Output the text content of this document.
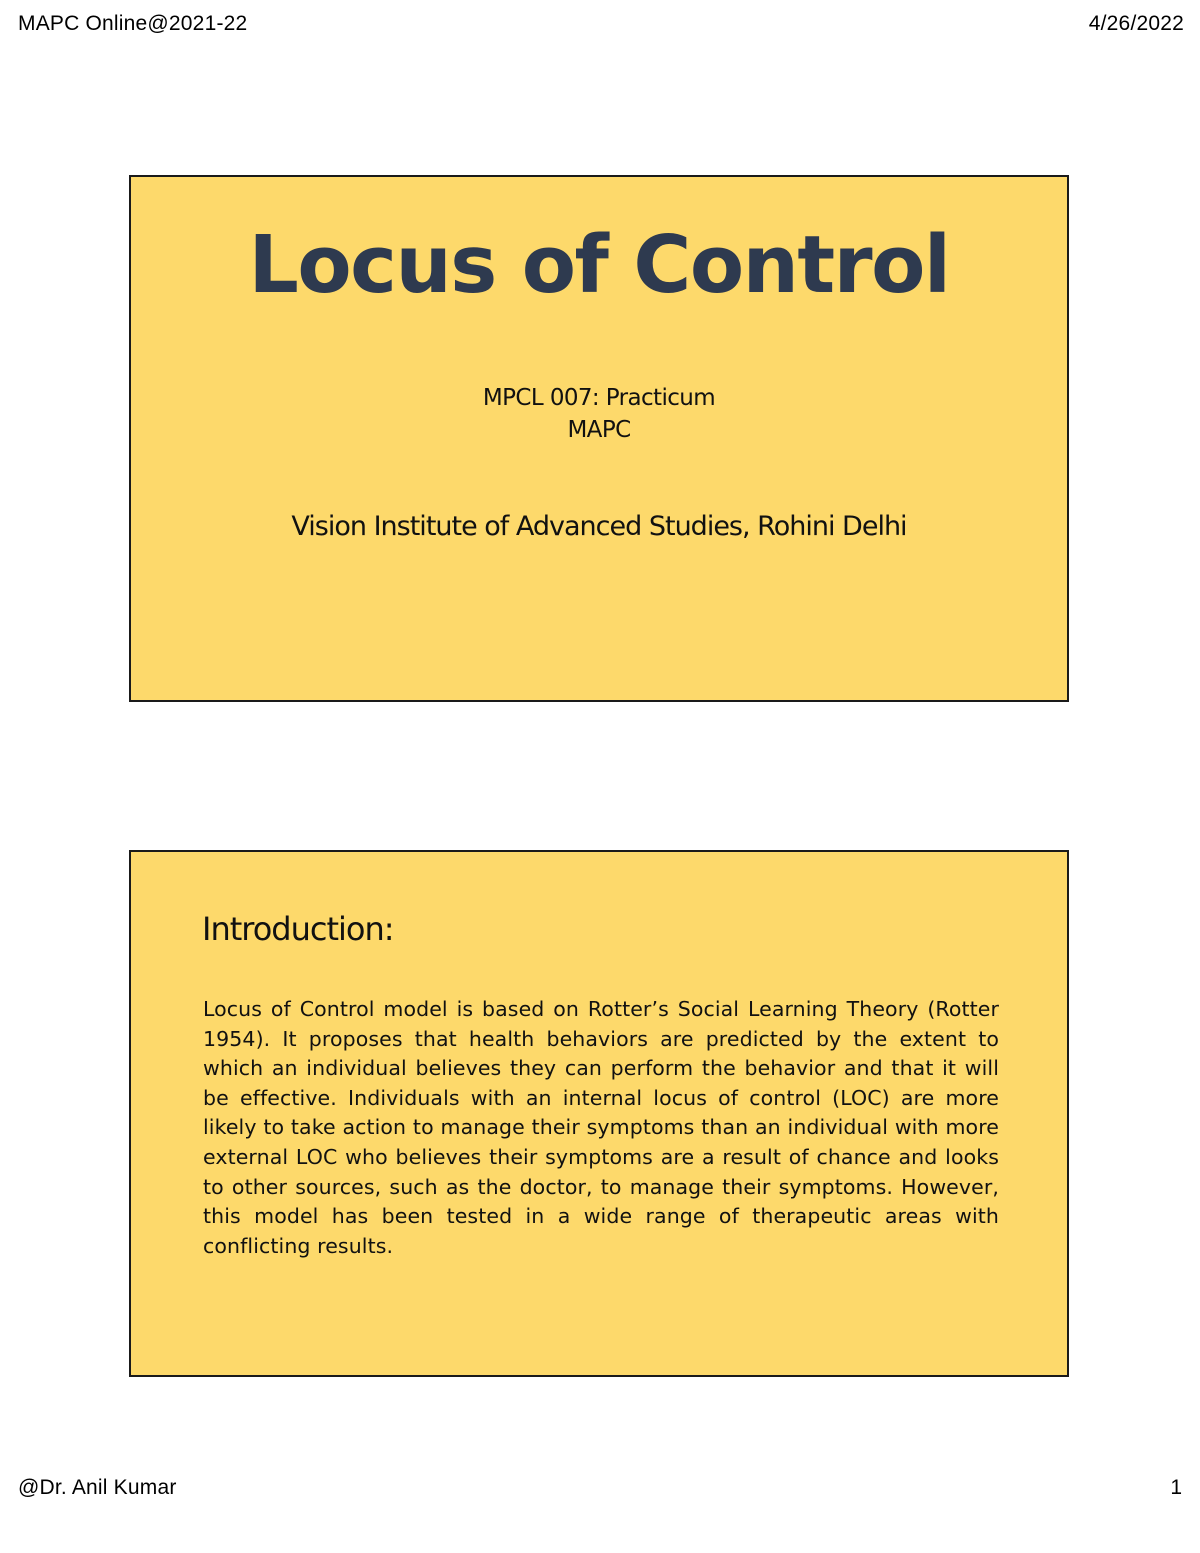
MAPC Online@2021-22	4/26/2022
Locus of Control
MPCL 007: Practicum
MAPC
Vision Institute of Advanced Studies, Rohini Delhi
Introduction:

Locus of Control model is based on Rotter’s Social Learning Theory (Rotter 1954). It proposes that health behaviors are predicted by the extent to which an individual believes they can perform the behavior and that it will be effective. Individuals with an internal locus of control (LOC) are more likely to take action to manage their symptoms than an individual with more external LOC who believes their symptoms are a result of chance and looks to other sources, such as the doctor, to manage their symptoms. However, this model has been tested in a wide range of therapeutic areas with conflicting results.

@Dr. Anil Kumar	1
